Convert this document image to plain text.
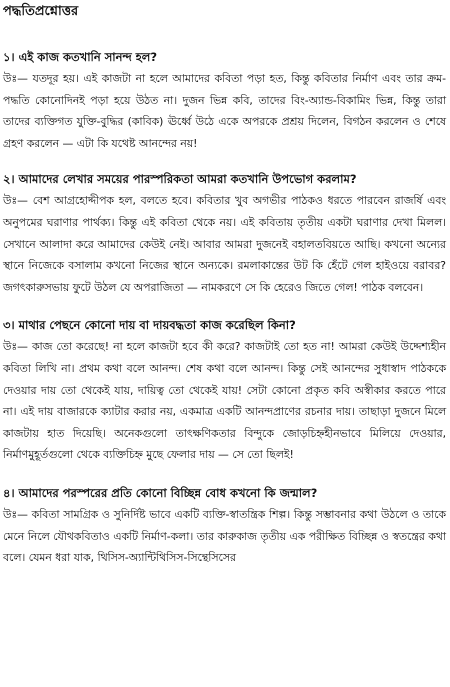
পদ্ধতিপ্রশ্নোত্তর

১। এই কাজ কতখানি সানন্দ হল?

উঃ— যতদূর হয়। এই কাজটা না হলে আমাদের কবিতা পড়া হত, কিন্তু কবিতার নির্মাণ এবং তার ক্রম-পদ্ধতি কোনোদিনই পড়া হয়ে উঠত না। দুজন ভিন্ন কবি, তাদের বিং-অ্যান্ড-বিকামিং ভিন্ন, কিন্তু তারা তাদের ব্যক্তিগত যুক্তি-বুদ্ধির (কাবিক) ঊর্ধ্বে উঠে একে অপরকে প্রশ্রয় দিলেন, বিগঠন করলেন ও শেষে গ্রহণ করলেন — এটা কি যথেষ্ট আনন্দের নয়!

২। আমাদের লেখার সময়ের পারস্পরিকতা আমরা কতখানি উপভোগ করলাম?

উঃ— বেশ আগ্রহোদ্দীপক হল, বলতে হবে। কবিতার খুব অগভীর পাঠকও ধরতে পারবেন রাজর্ষি এবং অনুপমের ঘরাণার পার্থক্য। কিন্তু এই কবিতা থেকে নয়। এই কবিতায় তৃতীয় একটা ঘরাণার দেখা মিলল। সেখানে আলাদা করে আমাদের কেউই নেই। আবার আমরা দুজনেই বহালতবিয়তে আছি। কখনো অন্যের স্থানে নিজেকে বসালাম কখনো নিজের স্থানে অন্যকে। রমলাকান্তের উট কি হেঁটে গেল হাইওয়ে বরাবর? জগৎকারুসভায় ফুটে উঠল যে অপরাজিতা — নামকরণে সে কি হেরেও জিতে গেল! পাঠক বলবেন।

৩। মাথার পেছনে কোনো দায় বা দায়বদ্ধতা কাজ করেছিল কিনা?

উঃ— কাজ তো করেছে! না হলে কাজটা হবে কী করে? কাজটাই তো হত না! আমরা কেউই উদ্দেশ্যহীন কবিতা লিখি না। প্রথম কথা বলে আনন্দ। শেষ কথা বলে আনন্দ। কিন্তু সেই আনন্দের সুধাস্বাদ পাঠককে দেওয়ার দায় তো থেকেই যায়, দায়িত্ব তো থেকেই যায়! সেটা কোনো প্রকৃত কবি অস্বীকার করতে পারে না। এই দায় বাজারকে ক্যাটার করার নয়, একমাত্র একটি আনন্দপ্রাণের রচনার দায়। তাছাড়া দুজনে মিলে কাজটায় হাত দিয়েছি। অনেকগুলো তাৎক্ষণিকতার বিন্দুকে জোড়চিহ্নহীনভাবে মিলিয়ে দেওয়ার, নির্মাণমুহূর্তগুলো থেকে ব্যক্তিচিহ্ন মুছে ফেলার দায় — সে তো ছিলই!

৪। আমাদের পরস্পরের প্রতি কোনো বিচ্ছিন্ন বোধ কখনো কি জন্মাল?

উঃ— কবিতা সামগ্রিক ও সুনির্দিষ্ট ভাবে একটি ব্যক্তি-স্বাতন্ত্রিক শিল্প। কিন্তু সম্ভাবনার কথা উঠলে ও তাকে মেনে নিলে যৌথকবিতাও একটি নির্মাণ-কলা। তার কারুকাজ তৃতীয় এক পরীক্ষিত বিচ্ছিন্ন ও স্বতন্ত্রের কথা বলে। যেমন ধরা যাক, থিসিস-অ্যান্টিথিসিস-সিন্থেসিসের
